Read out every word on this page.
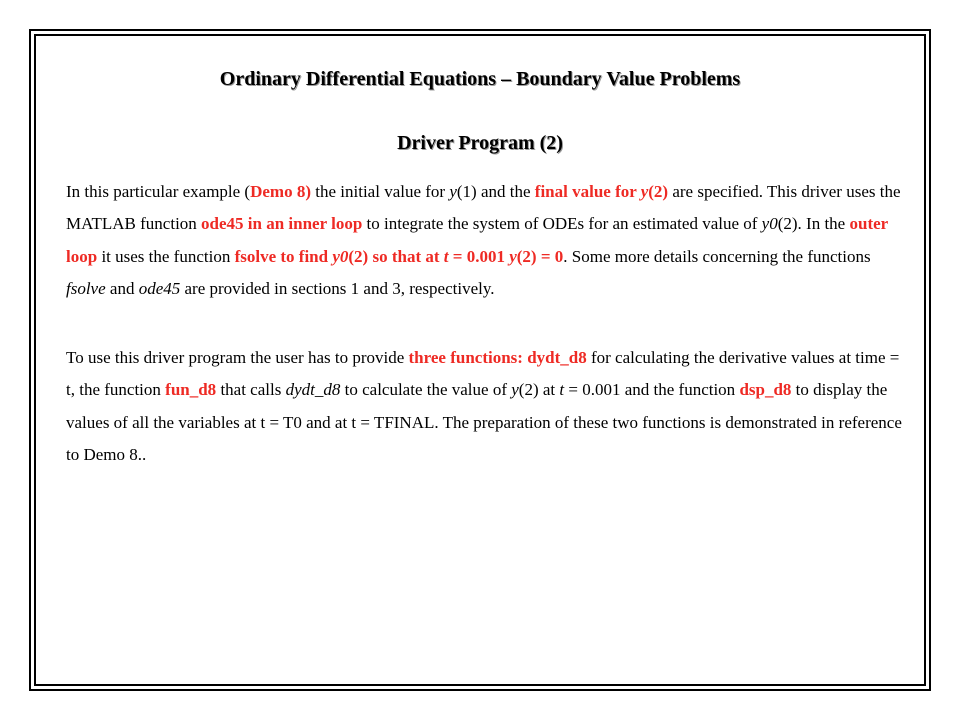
Ordinary Differential Equations – Boundary Value Problems
Driver Program (2)
In this particular example (Demo 8) the initial value for y(1) and the final value for y(2) are specified. This driver uses the MATLAB function ode45 in an inner loop to integrate the system of ODEs for an estimated value of y0(2). In the outer loop it uses the function fsolve to find y0(2) so that at t = 0.001 y(2) = 0. Some more details concerning the functions fsolve and ode45 are provided in sections 1 and 3, respectively.
To use this driver program the user has to provide three functions: dydt_d8 for calculating the derivative values at time = t, the function fun_d8 that calls dydt_d8 to calculate the value of y(2) at t = 0.001 and the function dsp_d8 to display the values of all the variables at t = T0 and at t = TFINAL. The preparation of these two functions is demonstrated in reference to Demo 8..
